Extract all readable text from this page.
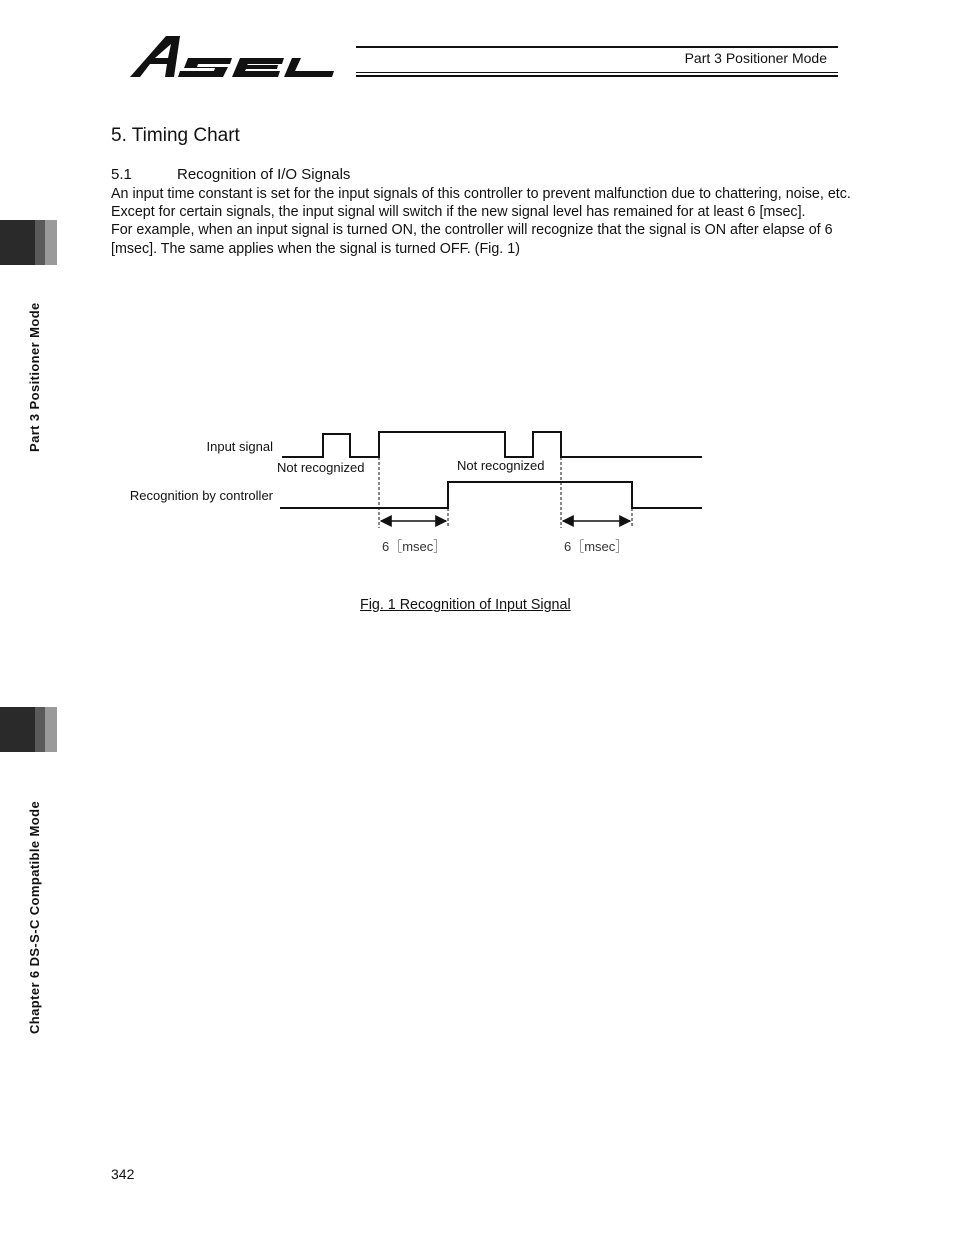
Part 3 Positioner Mode
Part 3 Positioner Mode
Chapter 6 DS-S-C Compatible Mode
5. Timing Chart
5.1	Recognition of I/O Signals

An input time constant is set for the input signals of this controller to prevent malfunction due to chattering, noise, etc.

Except for certain signals, the input signal will switch if the new signal level has remained for at least 6 [msec].

For example, when an input signal is turned ON, the controller will recognize that the signal is ON after elapse of 6 [msec]. The same applies when the signal is turned OFF. (Fig. 1)

Input signal
Recognition by controller
Not recognized	Not recognized
6［msec］	6［msec］
Fig. 1 Recognition of Input Signal
342
